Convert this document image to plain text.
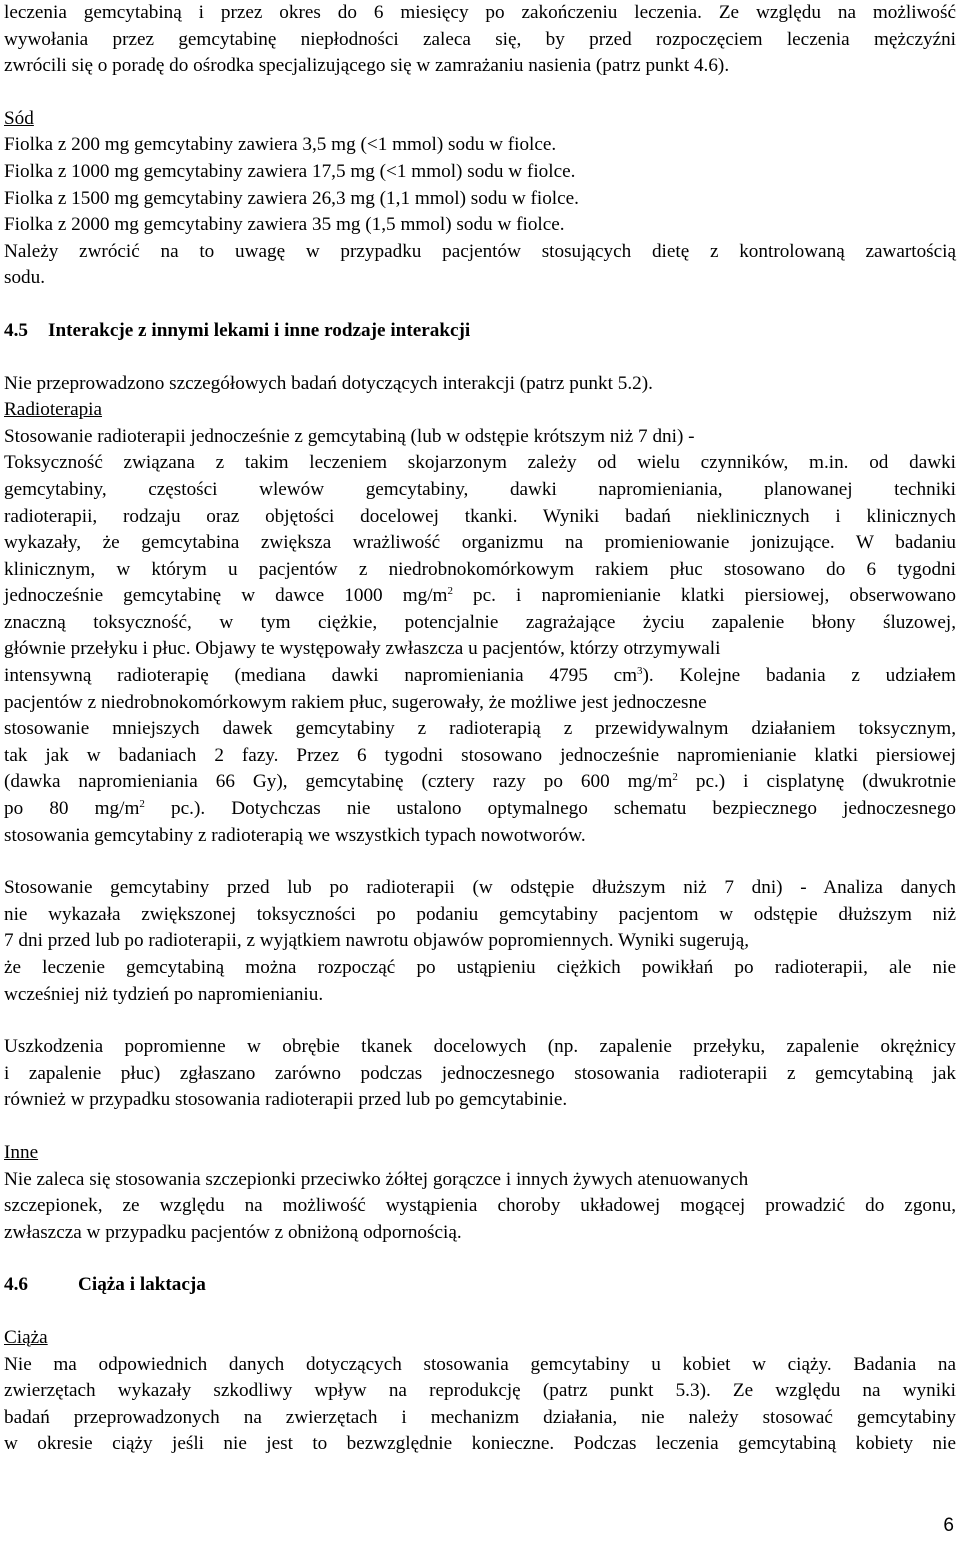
leczenia gemcytabiną i przez okres do 6 miesięcy po zakończeniu leczenia. Ze względu na możliwość
wywołania przez gemcytabinę niepłodności zaleca się, by przed rozpoczęciem leczenia mężczyźni
zwrócili się o poradę do ośrodka specjalizującego się w zamrażaniu nasienia (patrz punkt 4.6).

Sód
Fiolka z 200 mg gemcytabiny zawiera 3,5 mg (<1 mmol) sodu w fiolce.
Fiolka z 1000 mg gemcytabiny zawiera 17,5 mg (<1 mmol) sodu w fiolce.
Fiolka z 1500 mg gemcytabiny zawiera 26,3 mg (1,1 mmol) sodu w fiolce.
Fiolka z 2000 mg gemcytabiny zawiera 35 mg (1,5 mmol) sodu w fiolce.
Należy zwrócić na to uwagę w przypadku pacjentów stosujących dietę z kontrolowaną zawartością
sodu.

4.5 Interakcje z innymi lekami i inne rodzaje interakcji

Nie przeprowadzono szczegółowych badań dotyczących interakcji (patrz punkt 5.2).

Radioterapia
Stosowanie radioterapii jednocześnie z gemcytabiną (lub w odstępie krótszym niż 7 dni) -
Toksyczność związana z takim leczeniem skojarzonym zależy od wielu czynników, m.in. od dawki
gemcytabiny, częstości wlewów gemcytabiny, dawki napromieniania, planowanej techniki
radioterapii, rodzaju oraz objętości docelowej tkanki. Wyniki badań nieklinicznych i klinicznych
wykazały, że gemcytabina zwiększa wrażliwość organizmu na promieniowanie jonizujące. W badaniu
klinicznym, w którym u pacjentów z niedrobnokomórkowym rakiem płuc stosowano do 6 tygodni
jednocześnie gemcytabinę w dawce 1000 $mg/m^2$ pc. i napromienianie klatki piersiowej, obserwowano
znaczną toksyczność, w tym ciężkie, potencjalnie zagrażające życiu zapalenie błony śluzowej,
głównie przełyku i płuc. Objawy te występowały zwłaszcza u pacjentów, którzy otrzymywali
intensywną radioterapię (mediana dawki napromieniania 4795 $cm^3$). Kolejne badania z udziałem
pacjentów z niedrobnokomórkowym rakiem płuc, sugerowały, że możliwe jest jednoczesne
stosowanie mniejszych dawek gemcytabiny z radioterapią z przewidywalnym działaniem toksycznym,
tak jak w badaniach 2 fazy. Przez 6 tygodni stosowano jednocześnie napromienianie klatki piersiowej
(dawka napromieniania 66 Gy), gemcytabinę (cztery razy po 600 $mg/m^2$ pc.) i cisplatynę (dwukrotnie
po 80 $mg/m^2$ pc.). Dotychczas nie ustalono optymalnego schematu bezpiecznego jednoczesnego
stosowania gemcytabiny z radioterapią we wszystkich typach nowotworów.

Stosowanie gemcytabiny przed lub po radioterapii (w odstępie dłuższym niż 7 dni) - Analiza danych
nie wykazała zwiększonej toksyczności po podaniu gemcytabiny pacjentom w odstępie dłuższym niż
7 dni przed lub po radioterapii, z wyjątkiem nawrotu objawów popromiennych. Wyniki sugerują,
że leczenie gemcytabiną można rozpocząć po ustąpieniu ciężkich powikłań po radioterapii, ale nie
wcześniej niż tydzień po napromienianiu.

Uszkodzenia popromienne w obrębie tkanek docelowych (np. zapalenie przełyku, zapalenie okrężnicy
i zapalenie płuc) zgłaszano zarówno podczas jednoczesnego stosowania radioterapii z gemcytabiną jak
również w przypadku stosowania radioterapii przed lub po gemcytabinie.

Inne
Nie zaleca się stosowania szczepionki przeciwko żółtej gorączce i innych żywych atenuowanych
szczepionek, ze względu na możliwość wystąpienia choroby układowej mogącej prowadzić do zgonu,
zwłaszcza w przypadku pacjentów z obniżoną odpornością.

4.6	Ciąża i laktacja

Ciąża
Nie ma odpowiednich danych dotyczących stosowania gemcytabiny u kobiet w ciąży. Badania na
zwierzętach wykazały szkodliwy wpływ na reprodukcję (patrz punkt 5.3). Ze względu na wyniki
badań przeprowadzonych na zwierzętach i mechanizm działania, nie należy stosować gemcytabiny
w okresie ciąży jeśli nie jest to bezwzględnie konieczne. Podczas leczenia gemcytabiną kobiety nie

6
